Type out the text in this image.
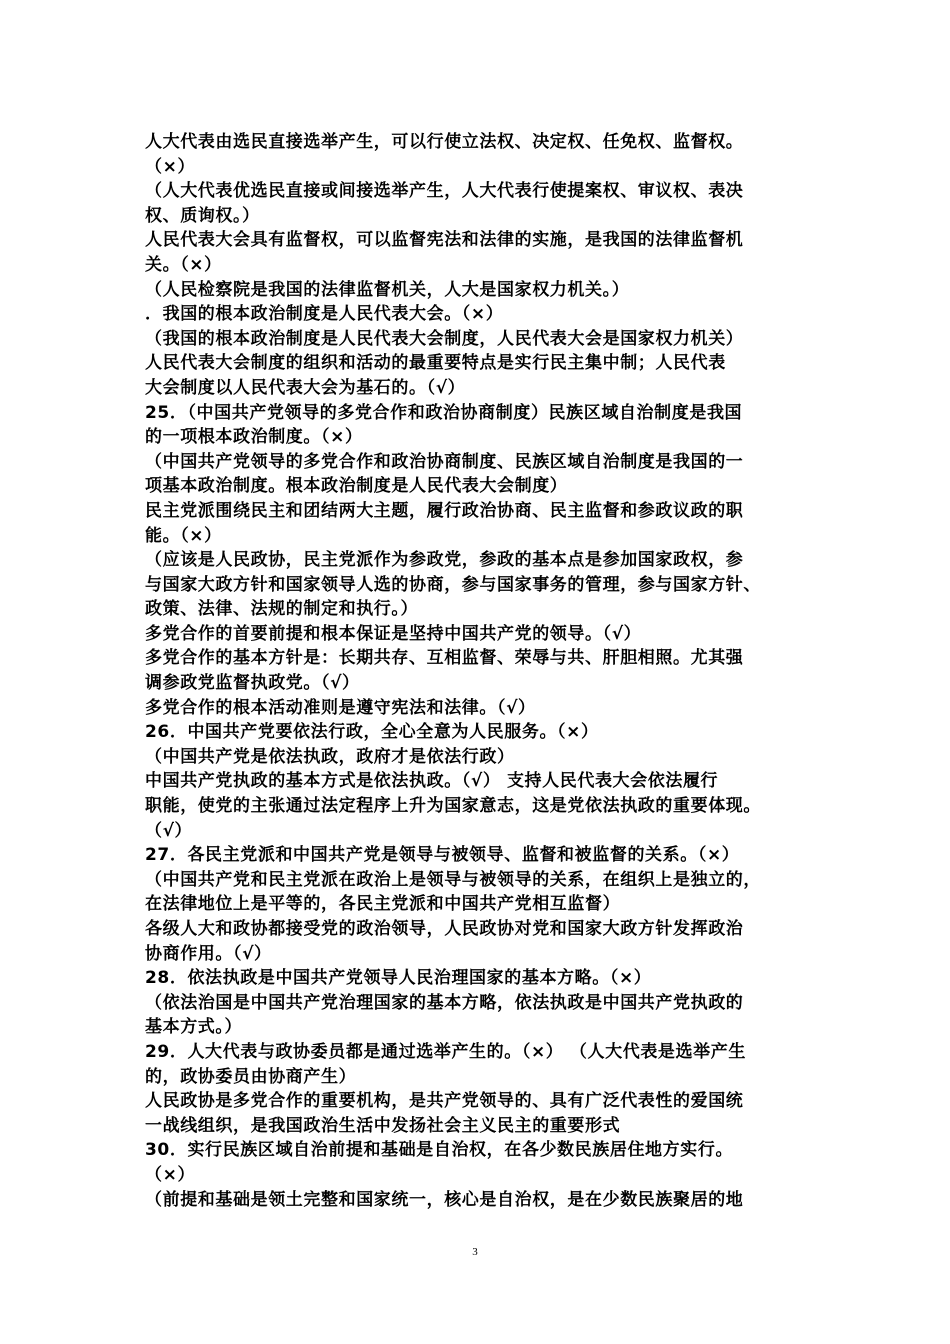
人大代表由选民直接选举产生，可以行使立法权、决定权、任免权、监督权。
（×）
（人大代表优选民直接或间接选举产生，人大代表行使提案权、审议权、表决
权、质询权。）
人民代表大会具有监督权，可以监督宪法和法律的实施，是我国的法律监督机
关。（×）
（人民检察院是我国的法律监督机关，人大是国家权力机关。）
．我国的根本政治制度是人民代表大会。（×）
（我国的根本政治制度是人民代表大会制度，人民代表大会是国家权力机关）
人民代表大会制度的组织和活动的最重要特点是实行民主集中制；人民代表
大会制度以人民代表大会为基石的。（√）
25．（中国共产党领导的多党合作和政治协商制度）民族区域自治制度是我国
的一项根本政治制度。（×）
（中国共产党领导的多党合作和政治协商制度、民族区域自治制度是我国的一
项基本政治制度。根本政治制度是人民代表大会制度）
民主党派围绕民主和团结两大主题，履行政治协商、民主监督和参政议政的职
能。（×）
（应该是人民政协，民主党派作为参政党，参政的基本点是参加国家政权，参
与国家大政方针和国家领导人选的协商，参与国家事务的管理，参与国家方针、
政策、法律、法规的制定和执行。）
多党合作的首要前提和根本保证是坚持中国共产党的领导。（√）
多党合作的基本方针是：长期共存、互相监督、荣辱与共、肝胆相照。尤其强
调参政党监督执政党。（√）
多党合作的根本活动准则是遵守宪法和法律。（√）
26．中国共产党要依法行政，全心全意为人民服务。（×）
（中国共产党是依法执政，政府才是依法行政）
中国共产党执政的基本方式是依法执政。（√） 支持人民代表大会依法履行
职能，使党的主张通过法定程序上升为国家意志，这是党依法执政的重要体现。
（√）
27．各民主党派和中国共产党是领导与被领导、监督和被监督的关系。（×）
（中国共产党和民主党派在政治上是领导与被领导的关系，在组织上是独立的，
在法律地位上是平等的，各民主党派和中国共产党相互监督）
各级人大和政协都接受党的政治领导，人民政协对党和国家大政方针发挥政治
协商作用。（√）
28．依法执政是中国共产党领导人民治理国家的基本方略。（×）
（依法治国是中国共产党治理国家的基本方略，依法执政是中国共产党执政的
基本方式。）
29．人大代表与政协委员都是通过选举产生的。（×） （人大代表是选举产生
的，政协委员由协商产生）
人民政协是多党合作的重要机构，是共产党领导的、具有广泛代表性的爱国统
一战线组织，是我国政治生活中发扬社会主义民主的重要形式
30．实行民族区域自治前提和基础是自治权，在各少数民族居住地方实行。
（×）
（前提和基础是领土完整和国家统一，核心是自治权，是在少数民族聚居的地
3
